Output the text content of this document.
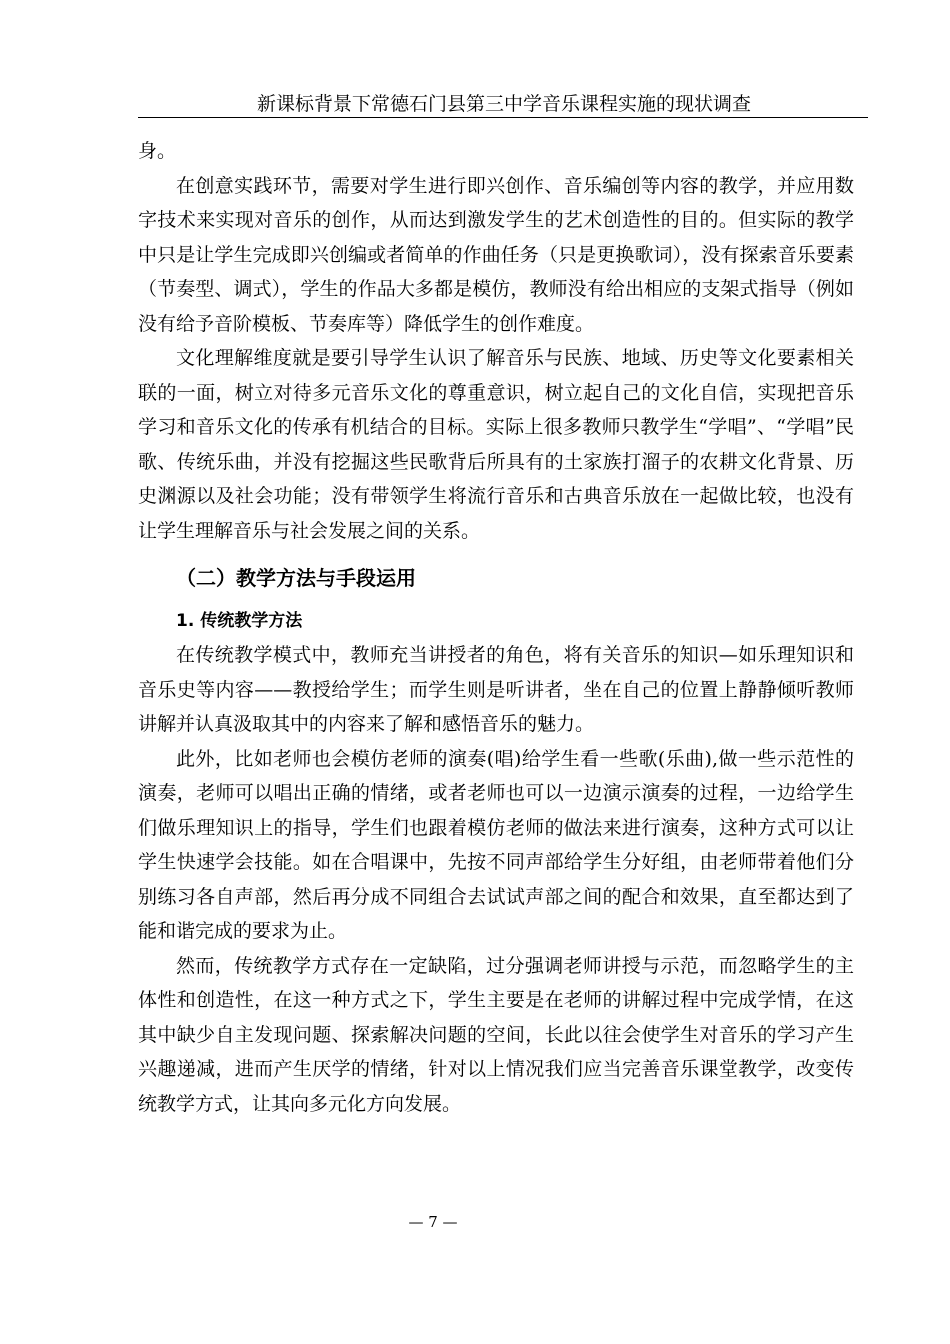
新课标背景下常德石门县第三中学音乐课程实施的现状调查

身。

在创意实践环节，需要对学生进行即兴创作、音乐编创等内容的教学，并应用数字技术来实现对音乐的创作，从而达到激发学生的艺术创造性的目的。但实际的教学中只是让学生完成即兴创编或者简单的作曲任务（只是更换歌词），没有探索音乐要素（节奏型、调式），学生的作品大多都是模仿，教师没有给出相应的支架式指导（例如没有给予音阶模板、节奏库等）降低学生的创作难度。

文化理解维度就是要引导学生认识了解音乐与民族、地域、历史等文化要素相关联的一面，树立对待多元音乐文化的尊重意识，树立起自己的文化自信，实现把音乐学习和音乐文化的传承有机结合的目标。实际上很多教师只教学生“学唱”、“学唱”民歌、传统乐曲，并没有挖掘这些民歌背后所具有的土家族打溜子的农耕文化背景、历史渊源以及社会功能；没有带领学生将流行音乐和古典音乐放在一起做比较，也没有让学生理解音乐与社会发展之间的关系。

（二）教学方法与手段运用
1. 传统教学方法

在传统教学模式中，教师充当讲授者的角色，将有关音乐的知识—如乐理知识和音乐史等内容——教授给学生；而学生则是听讲者，坐在自己的位置上静静倾听教师讲解并认真汲取其中的内容来了解和感悟音乐的魅力。

此外，比如老师也会模仿老师的演奏(唱)给学生看一些歌(乐曲),做一些示范性的演奏，老师可以唱出正确的情绪，或者老师也可以一边演示演奏的过程，一边给学生们做乐理知识上的指导，学生们也跟着模仿老师的做法来进行演奏，这种方式可以让学生快速学会技能。如在合唱课中，先按不同声部给学生分好组，由老师带着他们分别练习各自声部，然后再分成不同组合去试试声部之间的配合和效果，直至都达到了能和谐完成的要求为止。

然而，传统教学方式存在一定缺陷，过分强调老师讲授与示范，而忽略学生的主体性和创造性，在这一种方式之下，学生主要是在老师的讲解过程中完成学情，在这其中缺少自主发现问题、探索解决问题的空间，长此以往会使学生对音乐的学习产生兴趣递减，进而产生厌学的情绪，针对以上情况我们应当完善音乐课堂教学，改变传统教学方式，让其向多元化方向发展。

— 7 —
